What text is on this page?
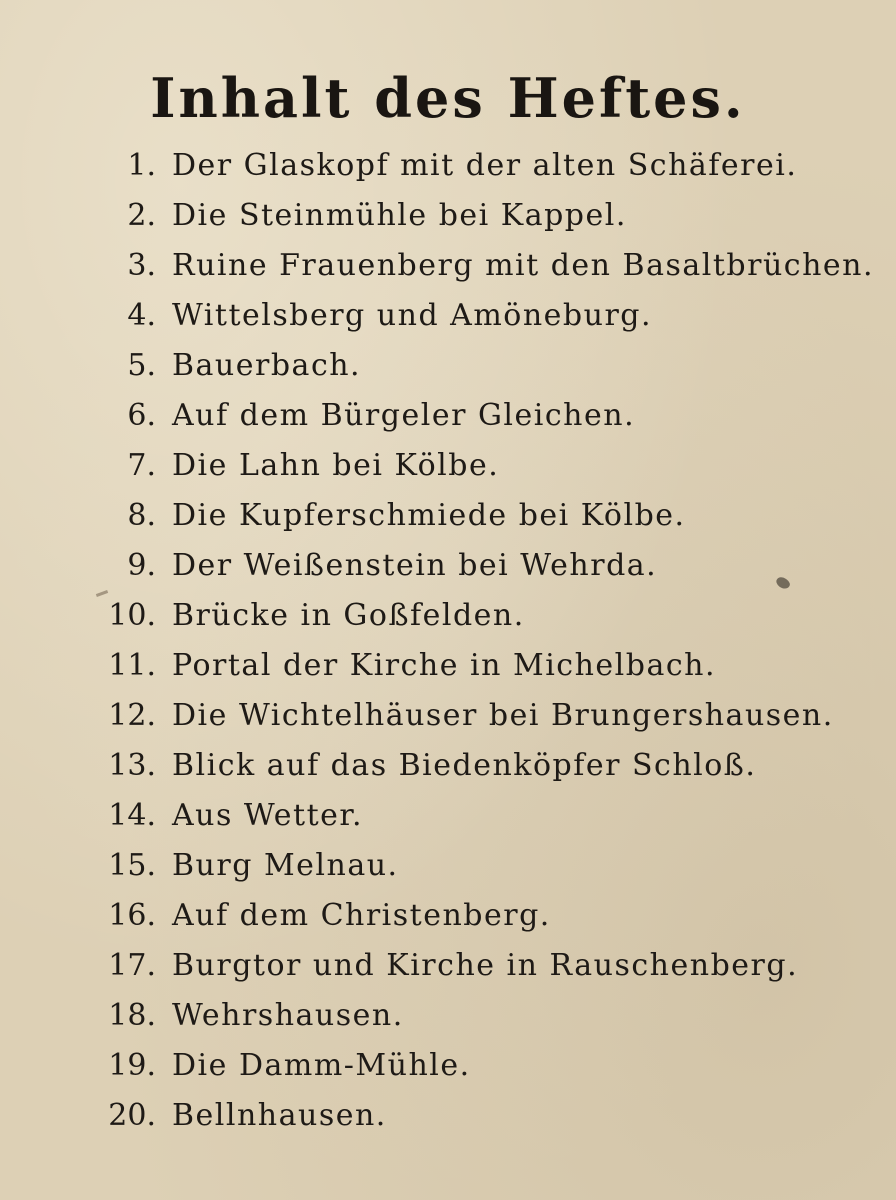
Inhalt des Heftes.
1. Der Glaskopf mit der alten Schäferei.
2. Die Steinmühle bei Kappel.
3. Ruine Frauenberg mit den Basaltbrüchen.
4. Wittelsberg und Amöneburg.
5. Bauerbach.
6. Auf dem Bürgeler Gleichen.
7. Die Lahn bei Kölbe.
8. Die Kupferschmiede bei Kölbe.
9. Der Weißenstein bei Wehrda.
10. Brücke in Goßfelden.
11. Portal der Kirche in Michelbach.
12. Die Wichtelhäuser bei Brungershausen.
13. Blick auf das Biedenköpfer Schloß.
14. Aus Wetter.
15. Burg Melnau.
16. Auf dem Christenberg.
17. Burgtor und Kirche in Rauschenberg.
18. Wehrshausen.
19. Die Damm-Mühle.
20. Bellnhausen.
